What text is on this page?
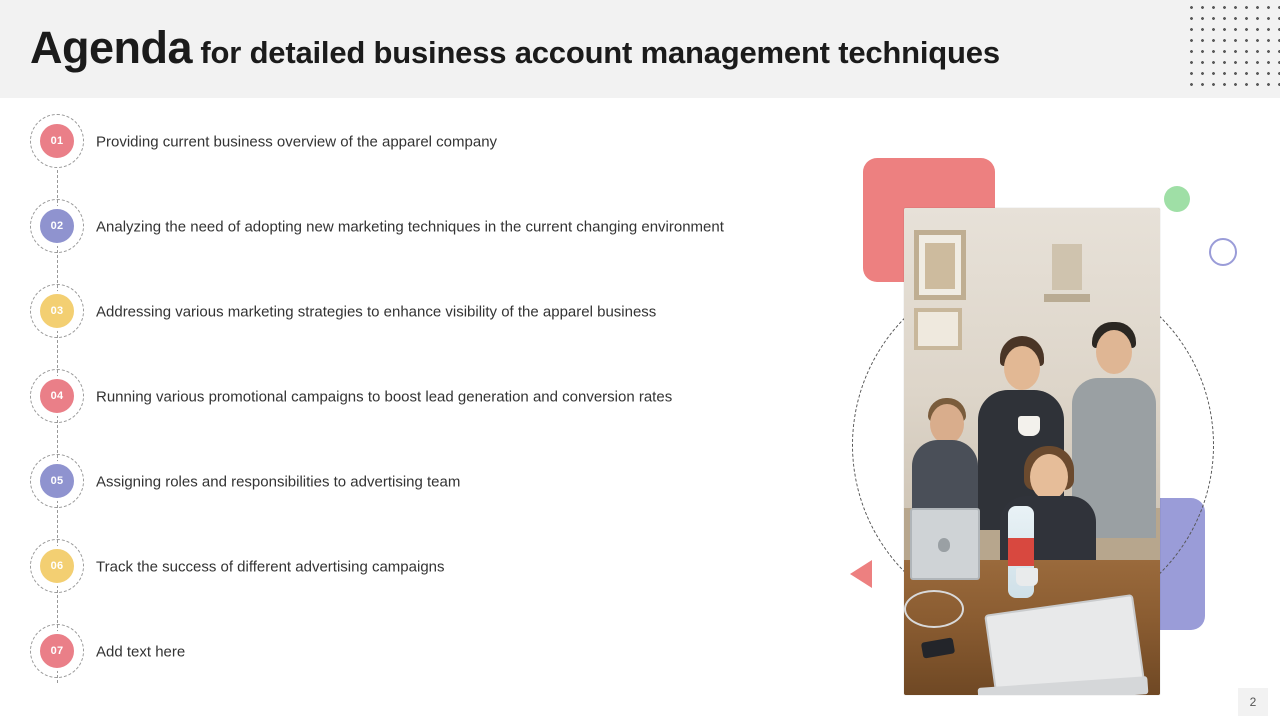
Agenda for detailed business account management techniques
01 Providing current business overview of the apparel company
02 Analyzing the need of adopting new marketing techniques in the current changing environment
03 Addressing various marketing strategies to enhance visibility of the apparel business
04 Running various promotional campaigns to boost lead generation and conversion rates
05 Assigning roles and responsibilities to advertising team
06 Track the success of different advertising campaigns
07 Add text here
2
